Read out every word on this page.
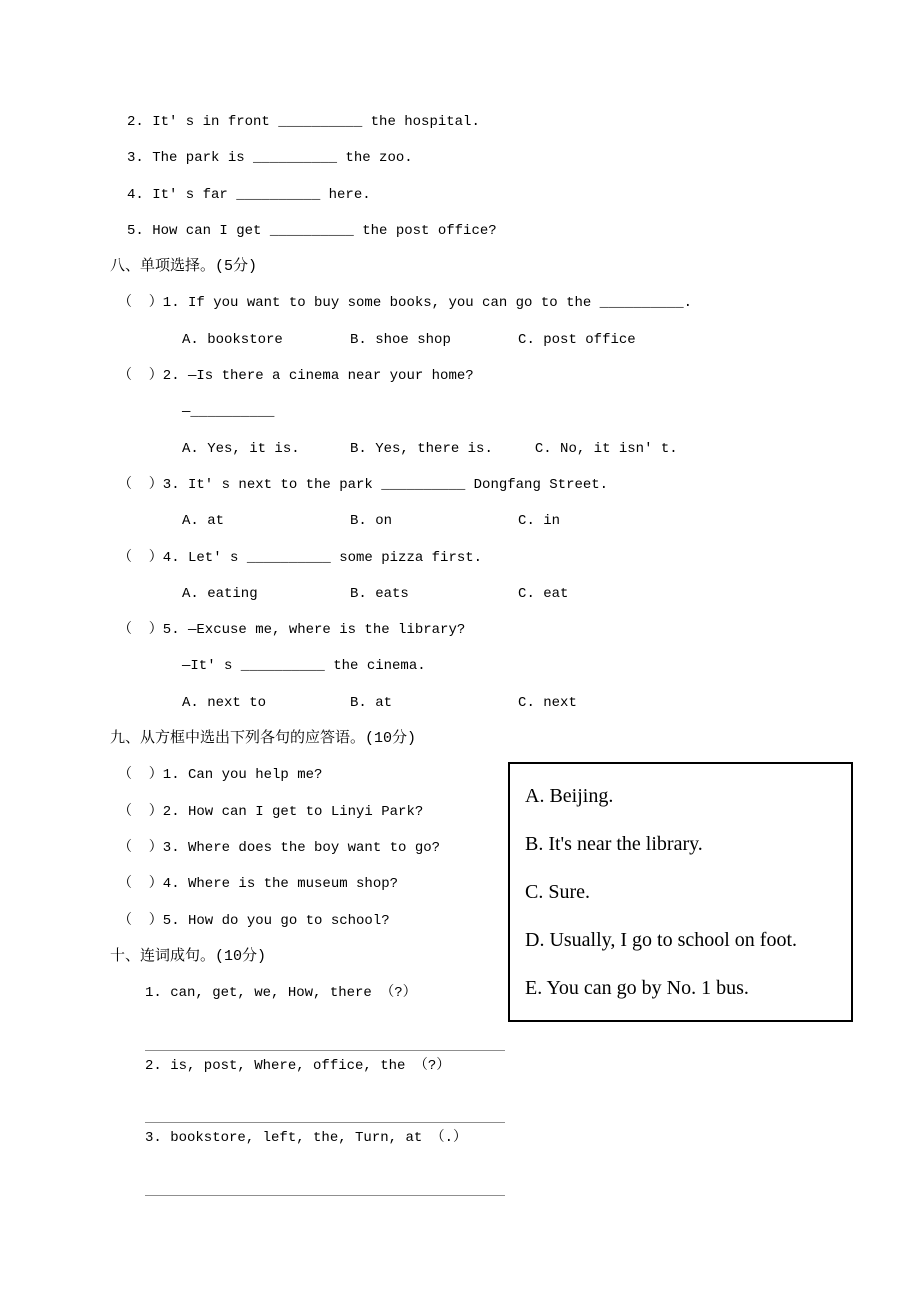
2. It' s in front __________ the hospital.
3. The park is __________ the zoo.
4. It' s far __________ here.
5. How can I get __________ the post office?
八、单项选择。(5分)
（  ）1. If you want to buy some books, you can go to the __________.
A. bookstore        B. shoe shop        C. post office
（  ）2. —Is there a cinema near your home?
—__________
A. Yes, it is.      B. Yes, there is.     C. No, it isn' t.
（  ）3. It' s next to the park __________ Dongfang Street.
A. at               B. on               C. in
（  ）4. Let' s __________ some pizza first.
A. eating           B. eats             C. eat
（  ）5. —Excuse me, where is the library?
—It' s __________ the cinema.
A. next to          B. at               C. next
九、从方框中选出下列各句的应答语。(10分)
（  ）1. Can you help me?
（  ）2. How can I get to Linyi Park?
（  ）3. Where does the boy want to go?
（  ）4. Where is the museum shop?
（  ）5. How do you go to school?
十、连词成句。(10分)
1. can, get, we, How, there （?）
2. is, post, Where, office, the （?）
3. bookstore, left, the, Turn, at （.）
A. Beijing.
B. It's near the library.
C. Sure.
D. Usually, I go to school on foot.
E. You can go by No. 1 bus.
